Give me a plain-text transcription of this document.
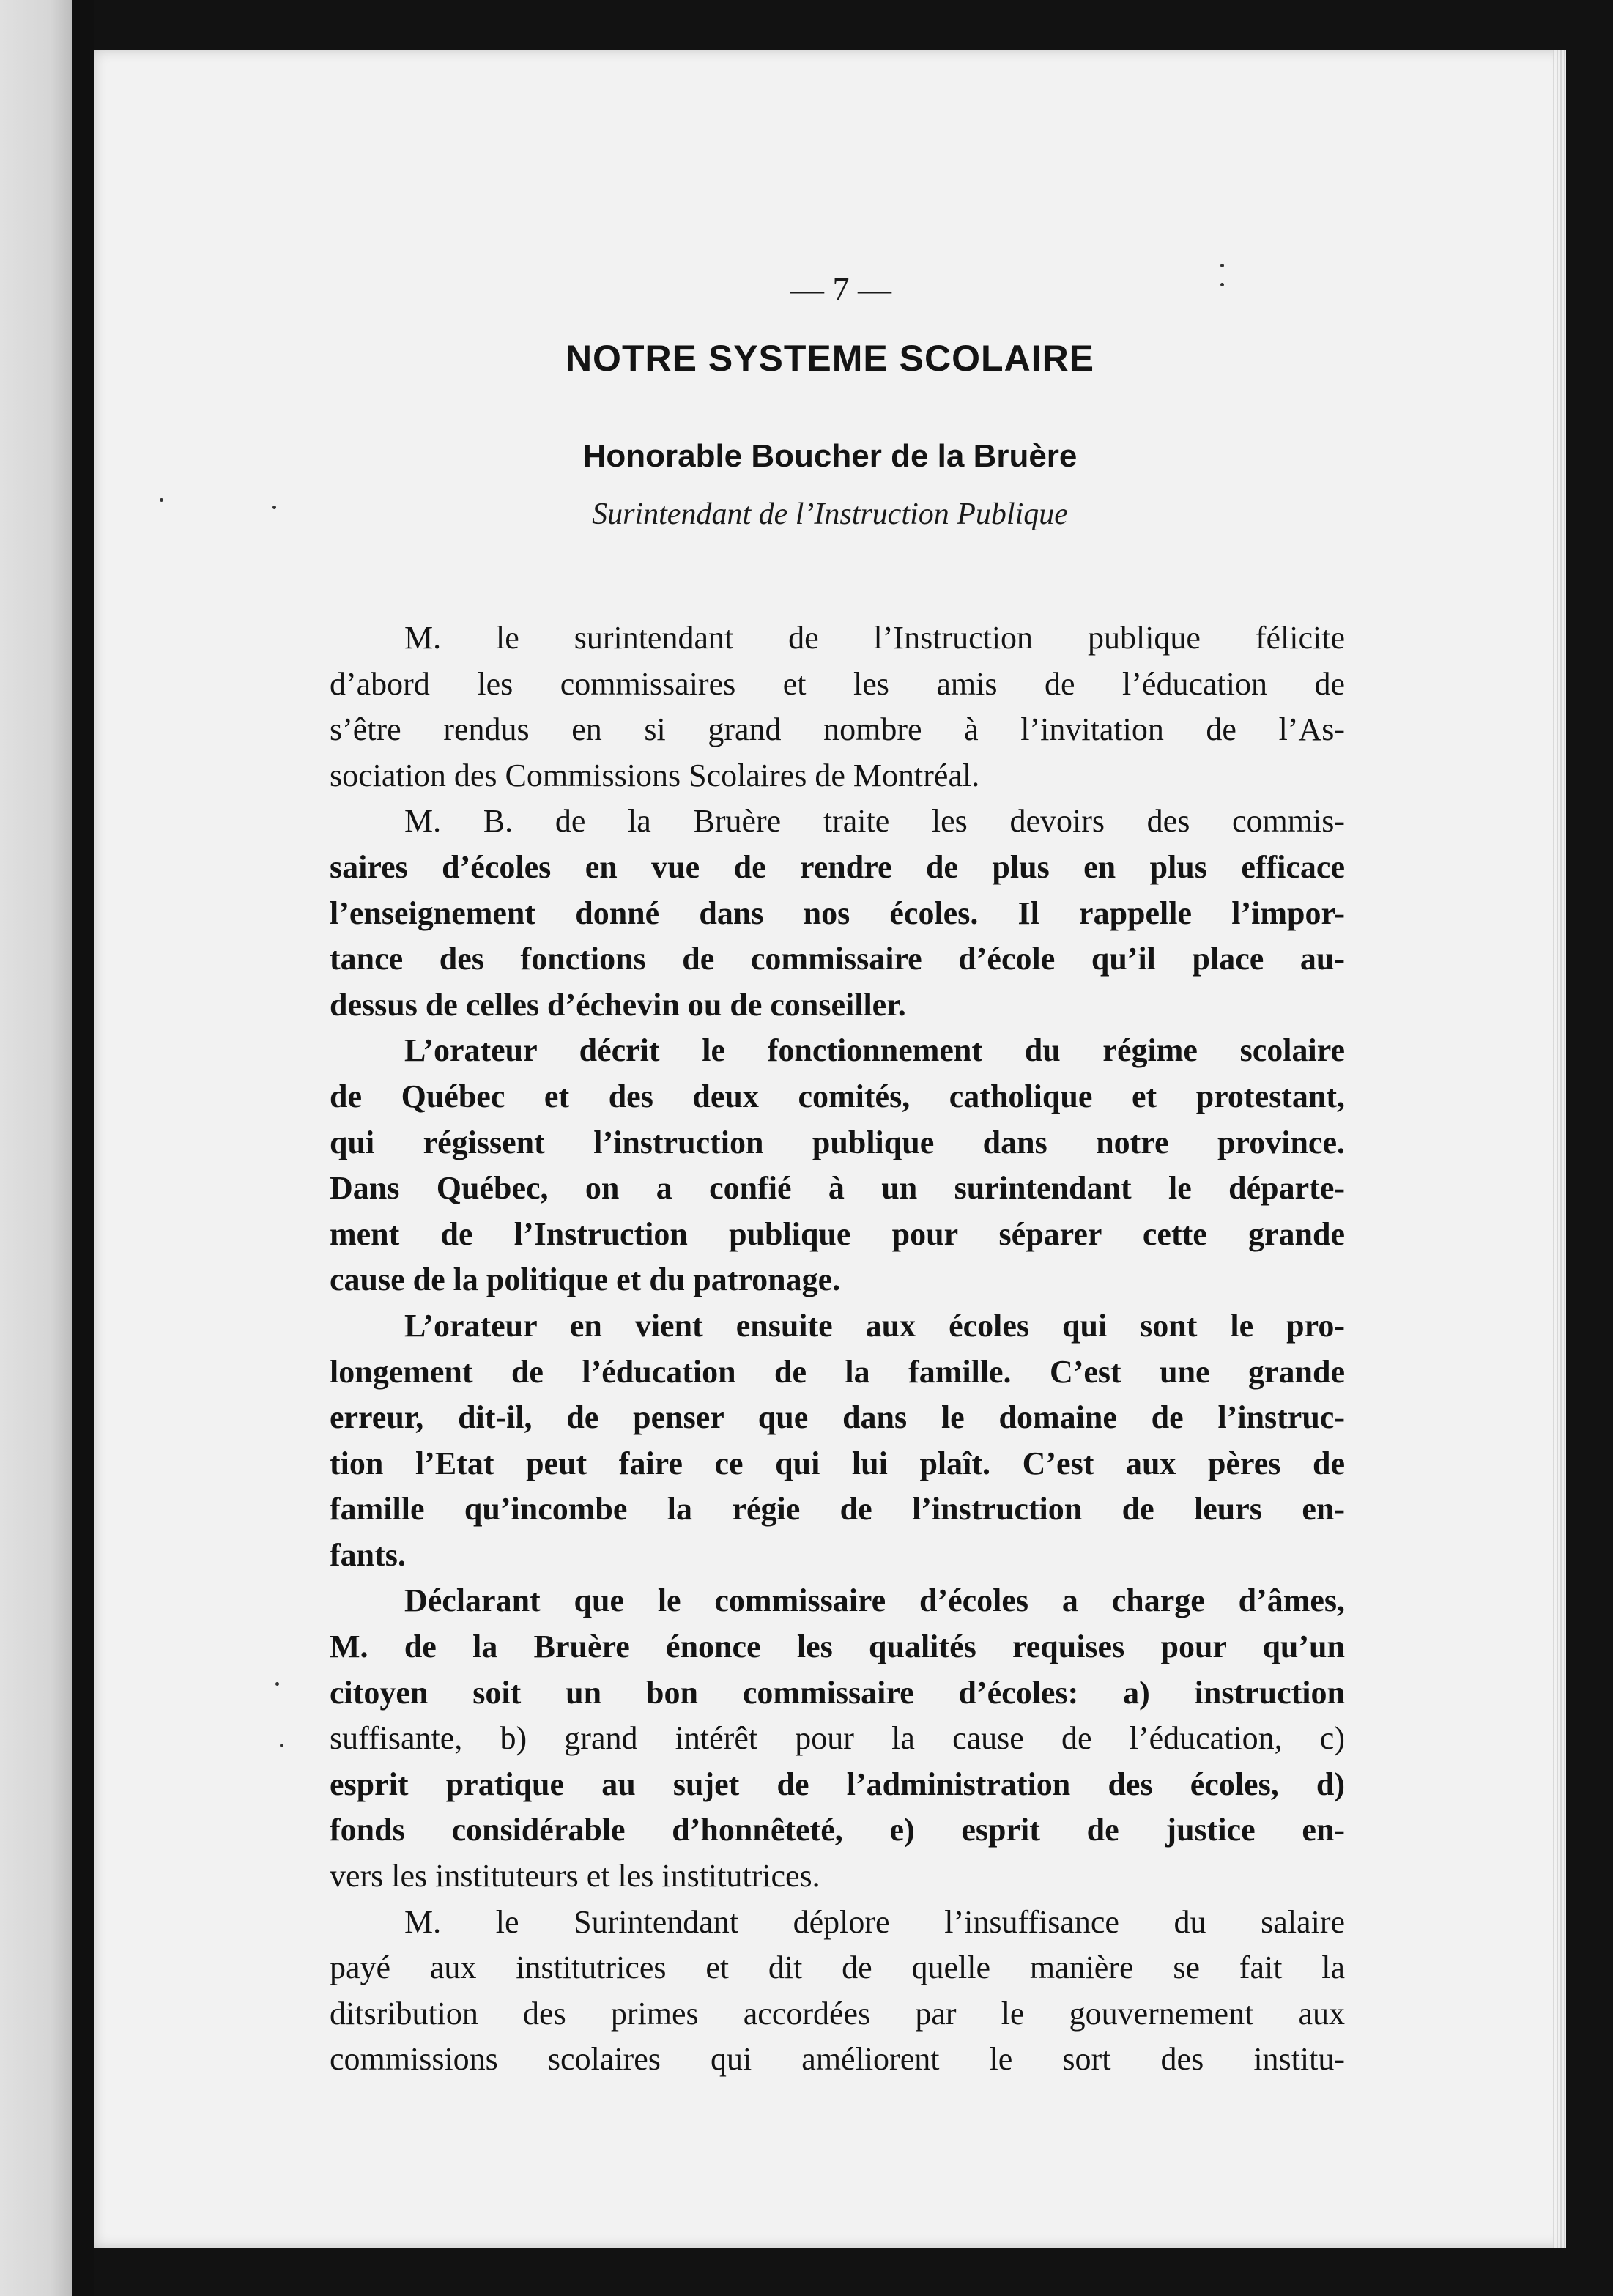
— 7 —
NOTRE SYSTEME SCOLAIRE
Honorable Boucher de la Bruère
Surintendant de l’Instruction Publique
M. le surintendant de l’Instruction publique félicite
d’abord les commissaires et les amis de l’éducation de
s’être rendus en si grand nombre à l’invitation de l’As-
sociation des Commissions Scolaires de Montréal.
M. B. de la Bruère traite les devoirs des commis-
saires d’écoles en vue de rendre de plus en plus efficace
l’enseignement donné dans nos écoles. Il rappelle l’impor-
tance des fonctions de commissaire d’école qu’il place au-
dessus de celles d’échevin ou de conseiller.
L’orateur décrit le fonctionnement du régime scolaire
de Québec et des deux comités, catholique et protestant,
qui régissent l’instruction publique dans notre province.
Dans Québec, on a confié à un surintendant le départe-
ment de l’Instruction publique pour séparer cette grande
cause de la politique et du patronage.
L’orateur en vient ensuite aux écoles qui sont le pro-
longement de l’éducation de la famille. C’est une grande
erreur, dit-il, de penser que dans le domaine de l’instruc-
tion l’Etat peut faire ce qui lui plaît. C’est aux pères de
famille qu’incombe la régie de l’instruction de leurs en-
fants.
Déclarant que le commissaire d’écoles a charge d’âmes,
M. de la Bruère énonce les qualités requises pour qu’un
citoyen soit un bon commissaire d’écoles: a) instruction
suffisante, b) grand intérêt pour la cause de l’éducation, c)
esprit pratique au sujet de l’administration des écoles, d)
fonds considérable d’honnêteté, e) esprit de justice en-
vers les instituteurs et les institutrices.
M. le Surintendant déplore l’insuffisance du salaire
payé aux institutrices et dit de quelle manière se fait la
ditsribution des primes accordées par le gouvernement aux
commissions scolaires qui améliorent le sort des institu-
